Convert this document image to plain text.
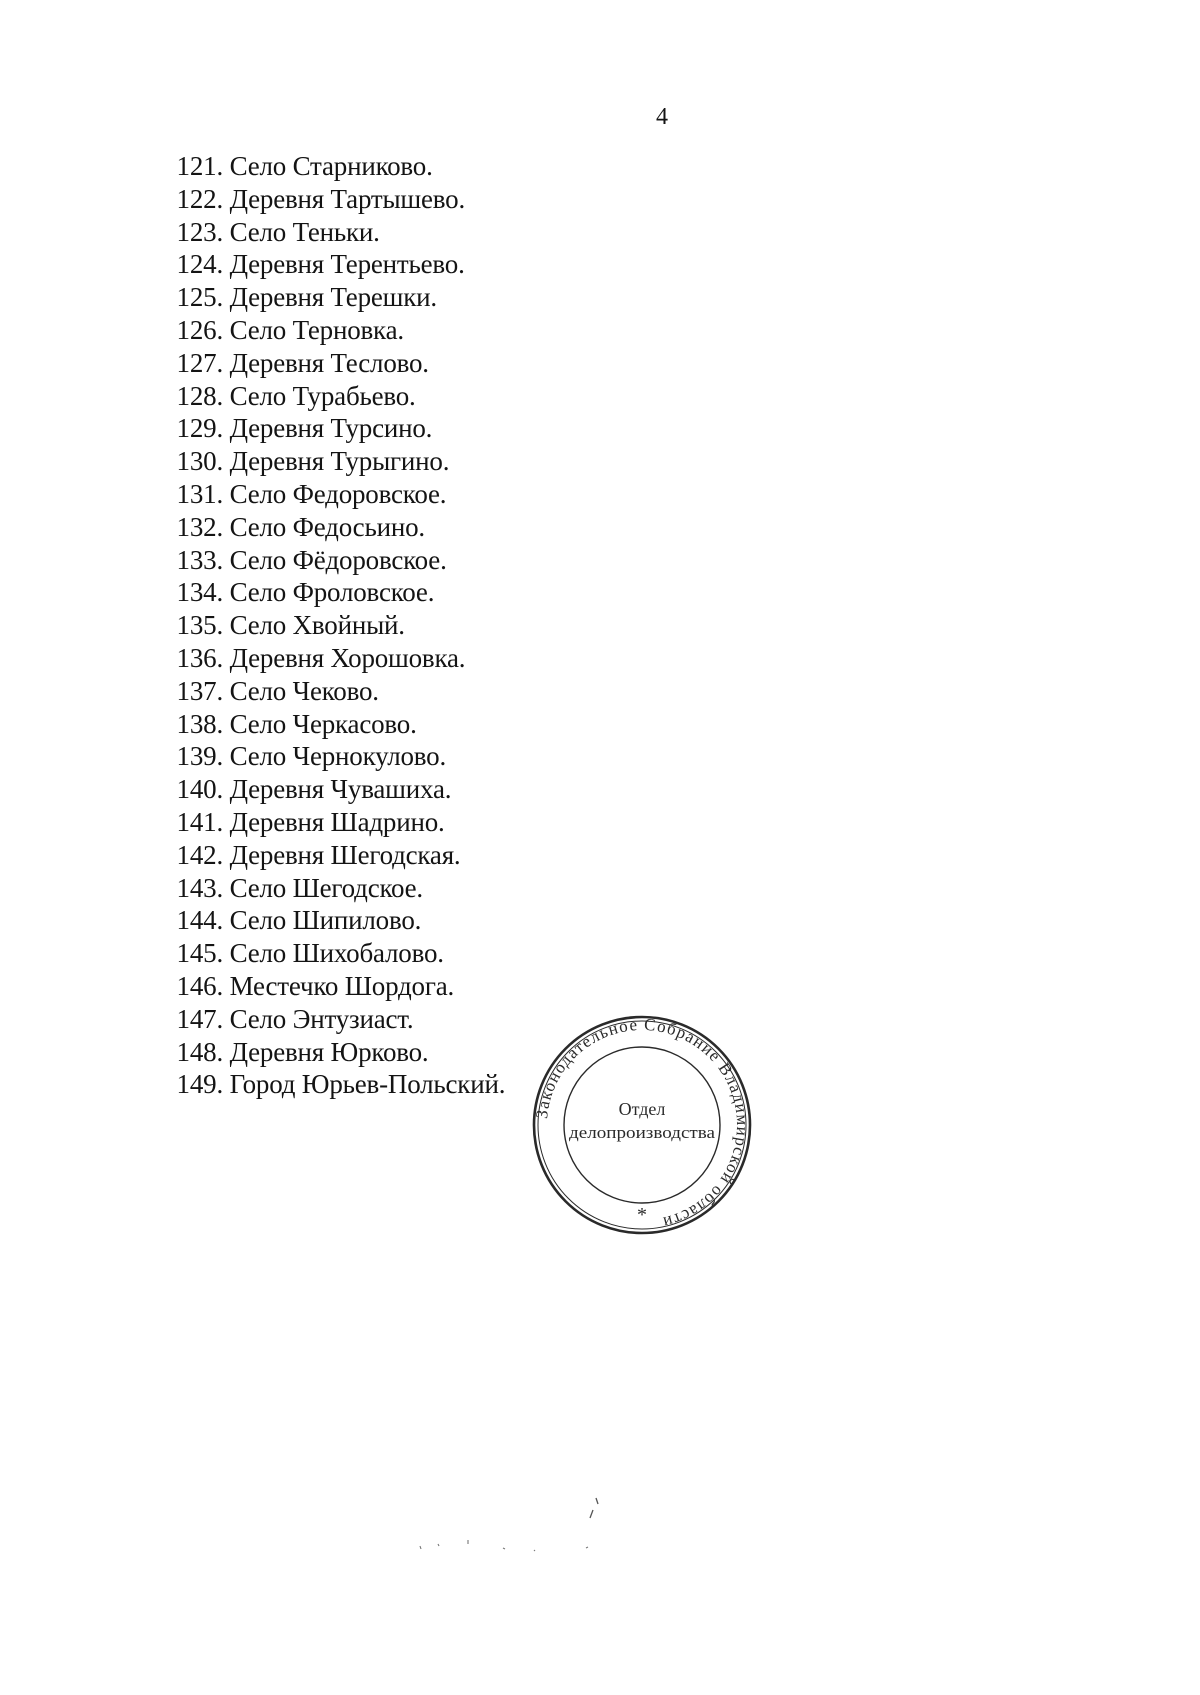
4
121. Село Старниково.
122. Деревня Тартышево.
123. Село Теньки.
124. Деревня Терентьево.
125. Деревня Терешки.
126. Село Терновка.
127. Деревня Теслово.
128. Село Турабьево.
129. Деревня Турсино.
130. Деревня Турыгино.
131. Село Федоровское.
132. Село Федосьино.
133. Село Фёдоровское.
134. Село Фроловское.
135. Село Хвойный.
136. Деревня Хорошовка.
137. Село Чеково.
138. Село Черкасово.
139. Село Чернокулово.
140. Деревня Чувашиха.
141. Деревня Шадрино.
142. Деревня Шегодская.
143. Село Шегодское.
144. Село Шипилово.
145. Село Шихобалово.
146. Местечко Шордога.
147. Село Энтузиаст.
148. Деревня Юрково.
149. Город Юрьев-Польский.
Законодательное Собрание Владимирской области
Отдел
делопроизводства
*
